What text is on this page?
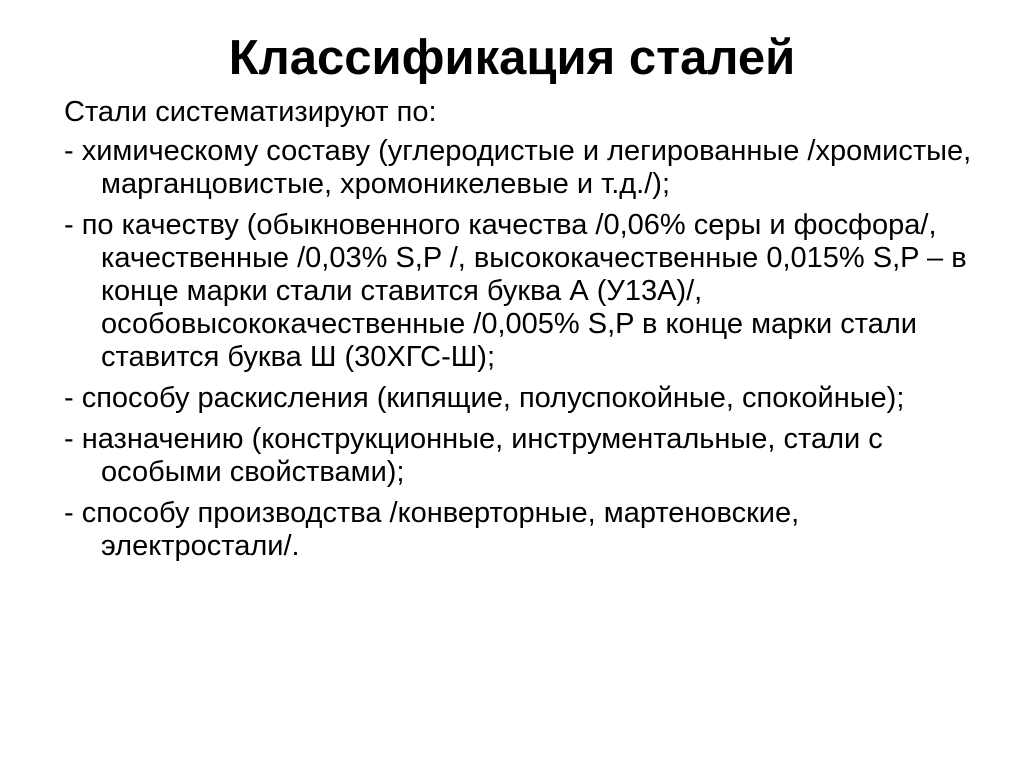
Классификация сталей
Стали систематизируют по:
- химическому составу (углеродистые и легированные /хромистые, марганцовистые, хромоникелевые и т.д./);
- по качеству (обыкновенного качества /0,06% серы и фосфора/, качественные /0,03% S,P /, высококачественные 0,015% S,P – в конце марки стали ставится буква А (У13А)/, особовысококачественные /0,005% S,P в конце марки стали ставится буква Ш (30ХГС-Ш);
- способу раскисления (кипящие, полуспокойные, спокойные);
- назначению (конструкционные, инструментальные, стали с особыми свойствами);
- способу производства /конверторные, мартеновские, электростали/.
